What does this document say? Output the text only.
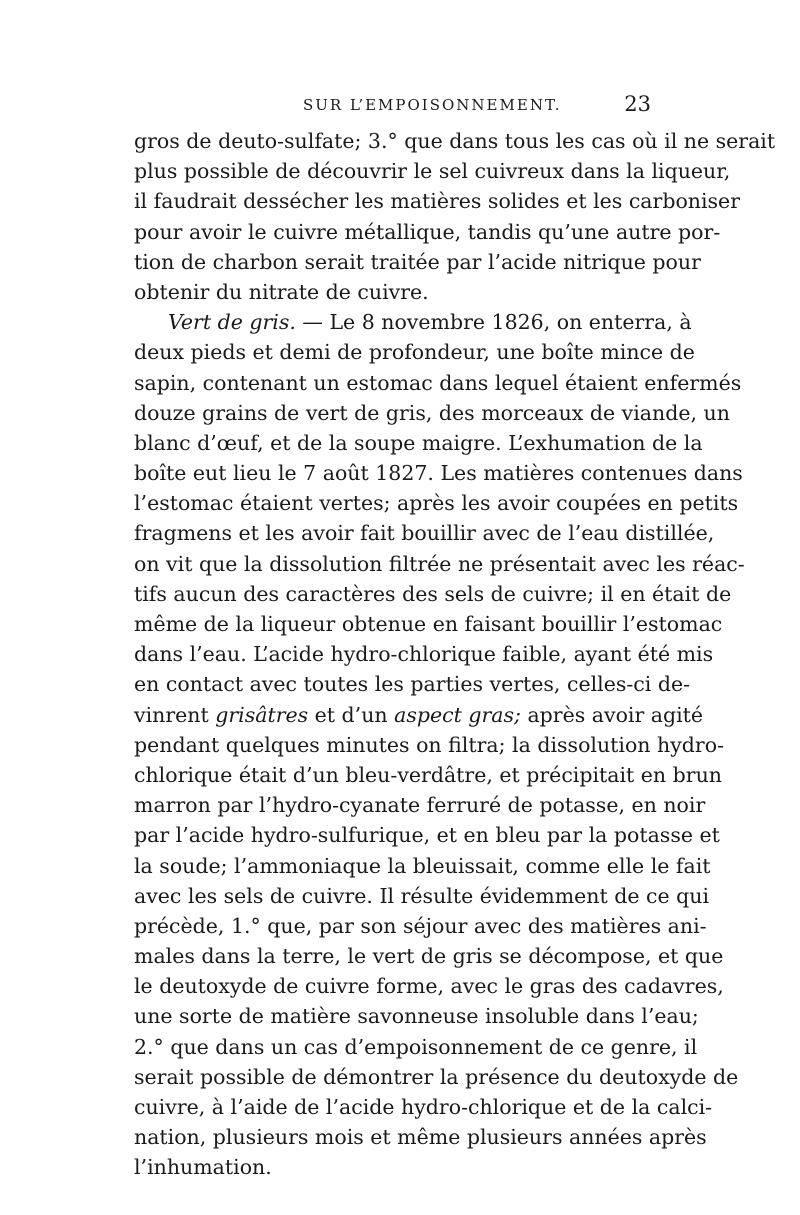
SUR L’EMPOISONNEMENT.	23
gros de deuto-sulfate; 3.° que dans tous les cas où il ne serait
plus possible de découvrir le sel cuivreux dans la liqueur,
il faudrait dessécher les matières solides et les carboniser
pour avoir le cuivre métallique, tandis qu’une autre por-
tion de charbon serait traitée par l’acide nitrique pour
obtenir du nitrate de cuivre.
Vert de gris. — Le 8 novembre 1826, on enterra, à
deux pieds et demi de profondeur, une boîte mince de
sapin, contenant un estomac dans lequel étaient enfermés
douze grains de vert de gris, des morceaux de viande, un
blanc d’œuf, et de la soupe maigre. L’exhumation de la
boîte eut lieu le 7 août 1827. Les matières contenues dans
l’estomac étaient vertes; après les avoir coupées en petits
fragmens et les avoir fait bouillir avec de l’eau distillée,
on vit que la dissolution filtrée ne présentait avec les réac-
tifs aucun des caractères des sels de cuivre; il en était de
même de la liqueur obtenue en faisant bouillir l’estomac
dans l’eau. L’acide hydro-chlorique faible, ayant été mis
en contact avec toutes les parties vertes, celles-ci de-
vinrent grisâtres et d’un aspect gras; après avoir agité
pendant quelques minutes on filtra; la dissolution hydro-
chlorique était d’un bleu-verdâtre, et précipitait en brun
marron par l’hydro-cyanate ferruré de potasse, en noir
par l’acide hydro-sulfurique, et en bleu par la potasse et
la soude; l’ammoniaque la bleuissait, comme elle le fait
avec les sels de cuivre. Il résulte évidemment de ce qui
précède, 1.° que, par son séjour avec des matières ani-
males dans la terre, le vert de gris se décompose, et que
le deutoxyde de cuivre forme, avec le gras des cadavres,
une sorte de matière savonneuse insoluble dans l’eau;
2.° que dans un cas d’empoisonnement de ce genre, il
serait possible de démontrer la présence du deutoxyde de
cuivre, à l’aide de l’acide hydro-chlorique et de la calci-
nation, plusieurs mois et même plusieurs années après
l’inhumation.
